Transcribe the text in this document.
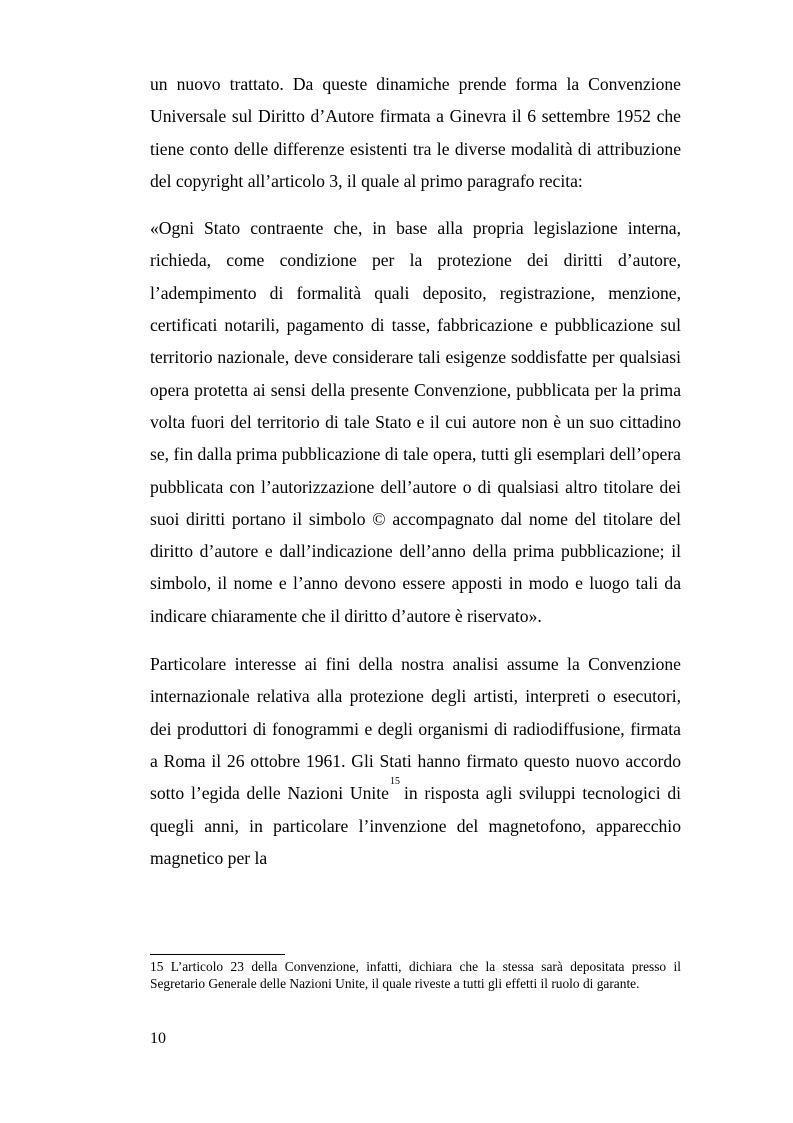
un nuovo trattato. Da queste dinamiche prende forma la Convenzione Universale sul Diritto d’Autore firmata a Ginevra il 6 settembre 1952 che tiene conto delle differenze esistenti tra le diverse modalità di attribuzione del copyright all’articolo 3, il quale al primo paragrafo recita:

«Ogni Stato contraente che, in base alla propria legislazione interna, richieda, come condizione per la protezione dei diritti d’autore, l’adempimento di formalità quali deposito, registrazione, menzione, certificati notarili, pagamento di tasse, fabbricazione e pubblicazione sul territorio nazionale, deve considerare tali esigenze soddisfatte per qualsiasi opera protetta ai sensi della presente Convenzione, pubblicata per la prima volta fuori del territorio di tale Stato e il cui autore non è un suo cittadino se, fin dalla prima pubblicazione di tale opera, tutti gli esemplari dell’opera pubblicata con l’autorizzazione dell’autore o di qualsiasi altro titolare dei suoi diritti portano il simbolo © accompagnato dal nome del titolare del diritto d’autore e dall’indicazione dell’anno della prima pubblicazione; il simbolo, il nome e l’anno devono essere apposti in modo e luogo tali da indicare chiaramente che il diritto d’autore è riservato».

Particolare interesse ai fini della nostra analisi assume la Convenzione internazionale relativa alla protezione degli artisti, interpreti o esecutori, dei produttori di fonogrammi e degli organismi di radiodiffusione, firmata a Roma il 26 ottobre 1961. Gli Stati hanno firmato questo nuovo accordo sotto l’egida delle Nazioni Unite$^{15}$in risposta agli sviluppi tecnologici di quegli anni, in particolare l’invenzione del magnetofono, apparecchio magnetico per la

15 L’articolo 23 della Convenzione, infatti, dichiara che la stessa sarà depositata presso il Segretario Generale delle Nazioni Unite, il quale riveste a tutti gli effetti il ruolo di garante.

10
